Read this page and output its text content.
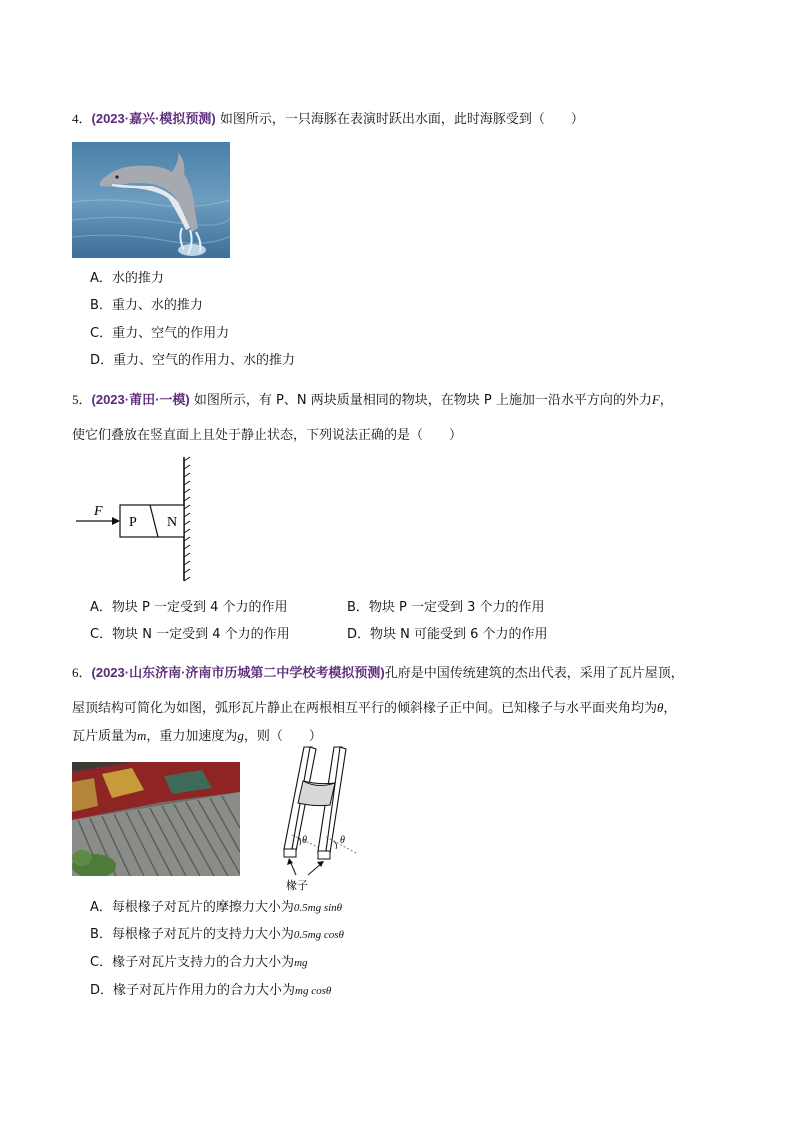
4．(2023·嘉兴·模拟预测) 如图所示，一只海豚在表演时跃出水面，此时海豚受到（　　）
A．水的推力
B．重力、水的推力
C．重力、空气的作用力
D．重力、空气的作用力、水的推力
5．(2023·莆田·一模) 如图所示，有 P、N 两块质量相同的物块，在物块 P 上施加一沿水平方向的外力F，
使它们叠放在竖直面上且处于静止状态，下列说法正确的是（　　）
F
P N
A．物块 P 一定受到 4 个力的作用	B．物块 P 一定受到 3 个力的作用
C．物块 N 一定受到 4 个力的作用	D．物块 N 可能受到 6 个力的作用
6．(2023·山东济南·济南市历城第二中学校考模拟预测)孔府是中国传统建筑的杰出代表，采用了瓦片屋顶，
屋顶结构可简化为如图，弧形瓦片静止在两根相互平行的倾斜椽子正中间。已知椽子与水平面夹角均为θ，
瓦片质量为m，重力加速度为g，则（　　）
θ	θ
椽子
A．每根椽子对瓦片的摩擦力大小为0.5mg sinθ
B．每根椽子对瓦片的支持力大小为0.5mg cosθ
C．椽子对瓦片支持力的合力大小为mg
D．椽子对瓦片作用力的合力大小为mg cosθ
